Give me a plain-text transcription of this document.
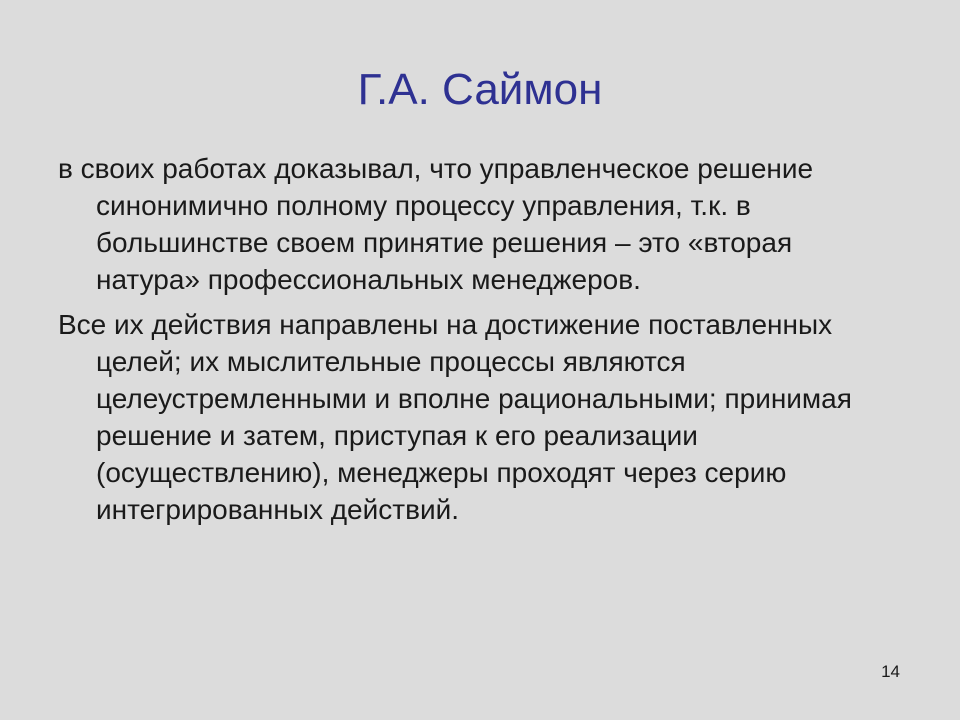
Г.А. Саймон

в своих работах доказывал, что управленческое решение синонимично полному процессу управления, т.к. в большинстве своем принятие решения – это «вторая натура» профессиональных менеджеров.

Все их действия направлены на достижение поставленных целей; их мыслительные процессы являются целеустремленными и вполне рациональными; принимая решение и затем, приступая к его реализации (осуществлению), менеджеры проходят через серию интегрированных действий.

14
